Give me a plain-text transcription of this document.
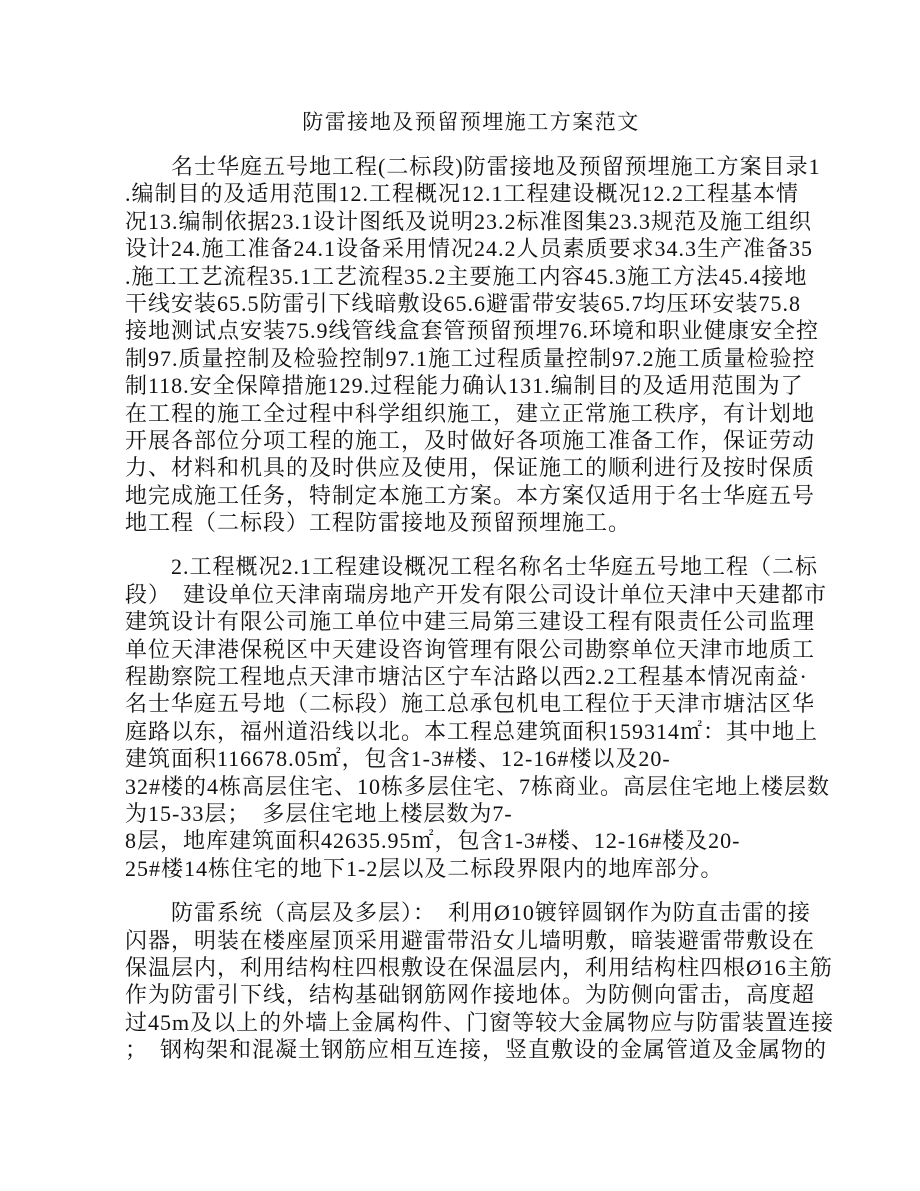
防雷接地及预留预埋施工方案范文
名士华庭五号地工程(二标段)防雷接地及预留预埋施工方案目录1
.编制目的及适用范围12.工程概况12.1工程建设概况12.2工程基本情
况13.编制依据23.1设计图纸及说明23.2标准图集23.3规范及施工组织
设计24.施工准备24.1设备采用情况24.2人员素质要求34.3生产准备35
.施工工艺流程35.1工艺流程35.2主要施工内容45.3施工方法45.4接地
干线安装65.5防雷引下线暗敷设65.6避雷带安装65.7均压环安装75.8
接地测试点安装75.9线管线盒套管预留预埋76.环境和职业健康安全控
制97.质量控制及检验控制97.1施工过程质量控制97.2施工质量检验控
制118.安全保障措施129.过程能力确认131.编制目的及适用范围为了
在工程的施工全过程中科学组织施工，建立正常施工秩序，有计划地
开展各部位分项工程的施工，及时做好各项施工准备工作，保证劳动
力、材料和机具的及时供应及使用，保证施工的顺利进行及按时保质
地完成施工任务，特制定本施工方案。本方案仅适用于名士华庭五号
地工程（二标段）工程防雷接地及预留预埋施工。
2.工程概况2.1工程建设概况工程名称名士华庭五号地工程（二标
段）　建设单位天津南瑞房地产开发有限公司设计单位天津中天建都市
建筑设计有限公司施工单位中建三局第三建设工程有限责任公司监理
单位天津港保税区中天建设咨询管理有限公司勘察单位天津市地质工
程勘察院工程地点天津市塘沽区宁车沽路以西2.2工程基本情况南益·
名士华庭五号地（二标段）施工总承包机电工程位于天津市塘沽区华
庭路以东，福州道沿线以北。本工程总建筑面积159314㎡：其中地上
建筑面积116678.05㎡，包含1-3#楼、12-16#楼以及20-
32#楼的4栋高层住宅、10栋多层住宅、7栋商业。高层住宅地上楼层数
为15-33层；　多层住宅地上楼层数为7-
8层，地库建筑面积42635.95㎡，包含1-3#楼、12-16#楼及20-
25#楼14栋住宅的地下1-2层以及二标段界限内的地库部分。
防雷系统（高层及多层）：　利用Ø10镀锌圆钢作为防直击雷的接
闪器，明装在楼座屋顶采用避雷带沿女儿墙明敷，暗装避雷带敷设在
保温层内，利用结构柱四根敷设在保温层内，利用结构柱四根Ø16主筋
作为防雷引下线，结构基础钢筋网作接地体。为防侧向雷击，高度超
过45m及以上的外墙上金属构件、门窗等较大金属物应与防雷装置连接
；　钢构架和混凝土钢筋应相互连接，竖直敷设的金属管道及金属物的
